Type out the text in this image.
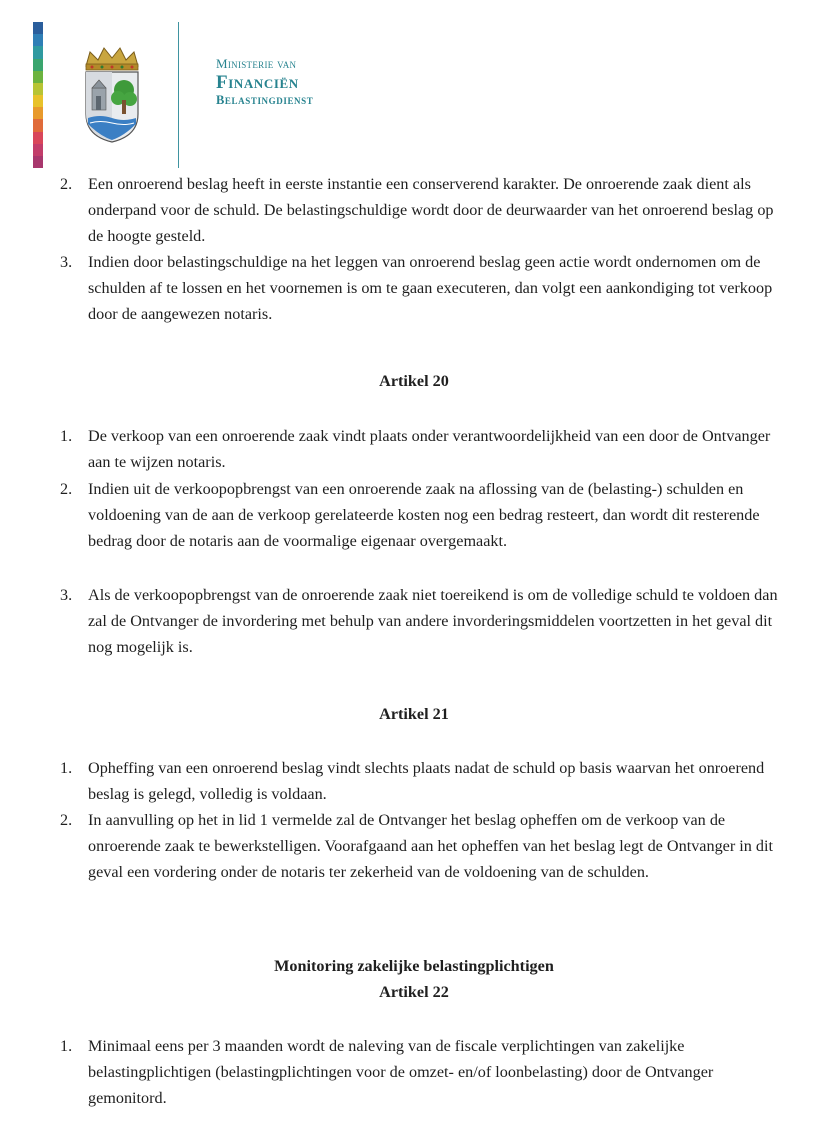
Ministerie van
Financiën
Belastingdienst
2. Een onroerend beslag heeft in eerste instantie een conserverend karakter. De onroerende zaak dient als onderpand voor de schuld. De belastingschuldige wordt door de deurwaarder van het onroerend beslag op de hoogte gesteld.

3. Indien door belastingschuldige na het leggen van onroerend beslag geen actie wordt ondernomen om de schulden af te lossen en het voornemen is om te gaan executeren, dan volgt een aankondiging tot verkoop door de aangewezen notaris.

Artikel 20
1. De verkoop van een onroerende zaak vindt plaats onder verantwoordelijkheid van een door de Ontvanger aan te wijzen notaris.

2. Indien uit de verkoopopbrengst van een onroerende zaak na aflossing van de (belasting-) schulden en voldoening van de aan de verkoop gerelateerde kosten nog een bedrag resteert, dan wordt dit resterende bedrag door de notaris aan de voormalige eigenaar overgemaakt.

3. Als de verkoopopbrengst van de onroerende zaak niet toereikend is om de volledige schuld te voldoen dan zal de Ontvanger de invordering met behulp van andere invorderingsmiddelen voortzetten in het geval dit nog mogelijk is.

Artikel 21
1. Opheffing van een onroerend beslag vindt slechts plaats nadat de schuld op basis waarvan het onroerend beslag is gelegd, volledig is voldaan.

2. In aanvulling op het in lid 1 vermelde zal de Ontvanger het beslag opheffen om de verkoop van de onroerende zaak te bewerkstelligen. Voorafgaand aan het opheffen van het beslag legt de Ontvanger in dit geval een vordering onder de notaris ter zekerheid van de voldoening van de schulden.

Monitoring zakelijke belastingplichtigen
Artikel 22
1. Minimaal eens per 3 maanden wordt de naleving van de fiscale verplichtingen van zakelijke belastingplichtigen (belastingplichtingen voor de omzet- en/of loonbelasting) door de Ontvanger gemonitord.
